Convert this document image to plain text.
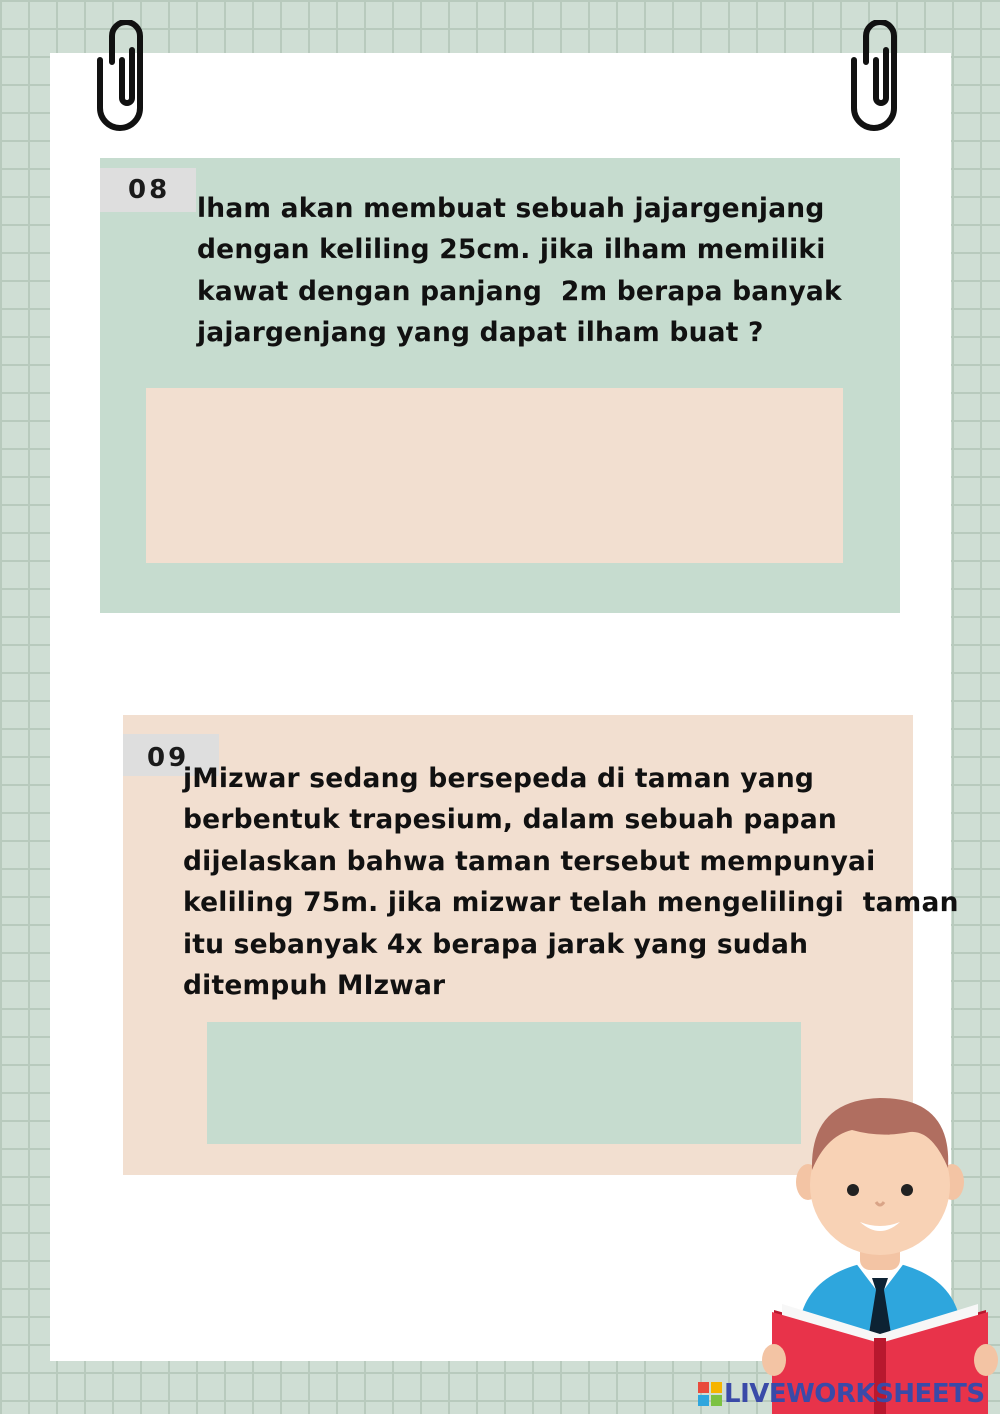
08

lham akan membuat sebuah jajargenjang
dengan keliling 25cm. jika ilham memiliki
kawat dengan panjang  2m berapa banyak
jajargenjang yang dapat ilham buat ?

09

jMizwar sedang bersepeda di taman yang
berbentuk trapesium, dalam sebuah papan
dijelaskan bahwa taman tersebut mempunyai
keliling 75m. jika mizwar telah mengelilingi  taman
itu sebanyak 4x berapa jarak yang sudah
ditempuh MIzwar

LIVEWORKSHEETS
